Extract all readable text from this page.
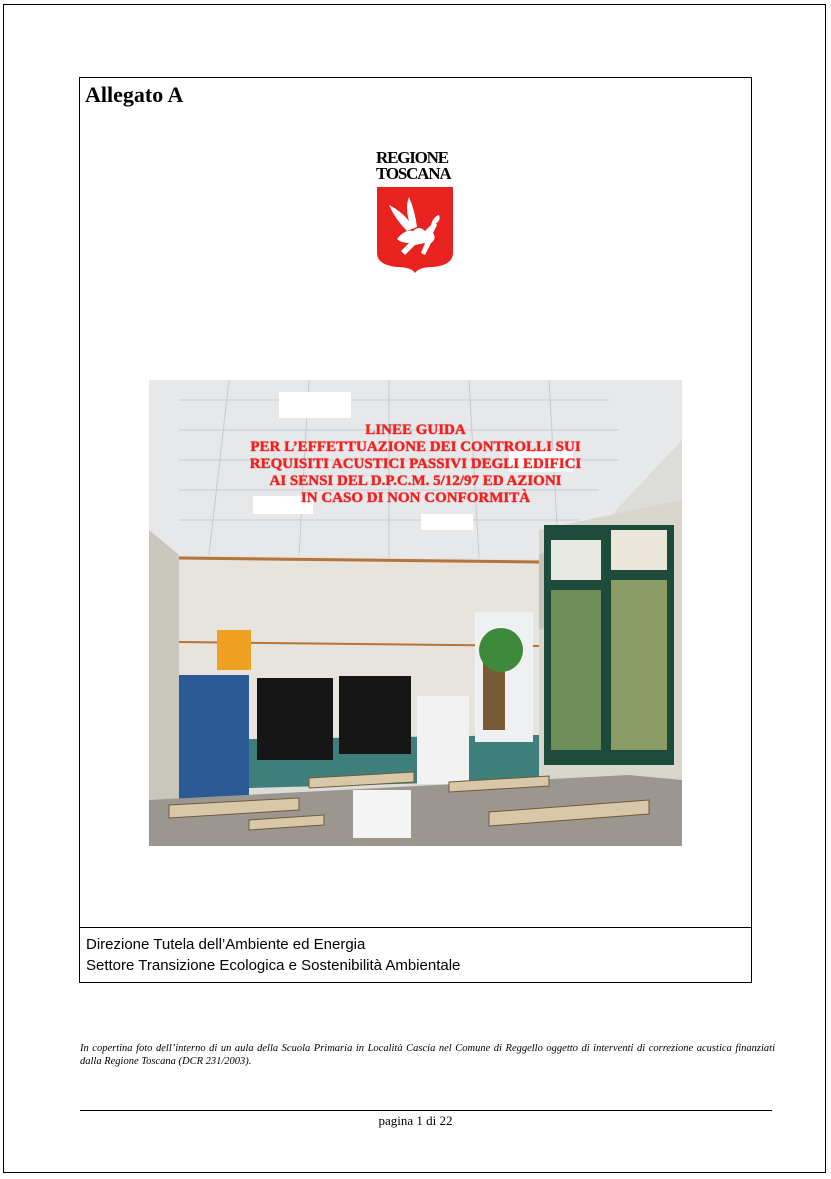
Allegato A
REGIONE
TOSCANA
LINEE GUIDA
PER L’EFFETTUAZIONE DEI CONTROLLI SUI
REQUISITI ACUSTICI PASSIVI DEGLI EDIFICI
AI SENSI DEL D.P.C.M. 5/12/97 ED AZIONI
IN CASO DI NON CONFORMITÀ
Direzione Tutela dell’Ambiente ed Energia
Settore Transizione Ecologica e Sostenibilità Ambientale
In copertina foto dell’interno di un aula della Scuola Primaria in Località Cascia nel Comune di Reggello oggetto di interventi di correzione acustica finanziati dalla Regione Toscana (DCR 231/2003).
pagina 1 di 22
